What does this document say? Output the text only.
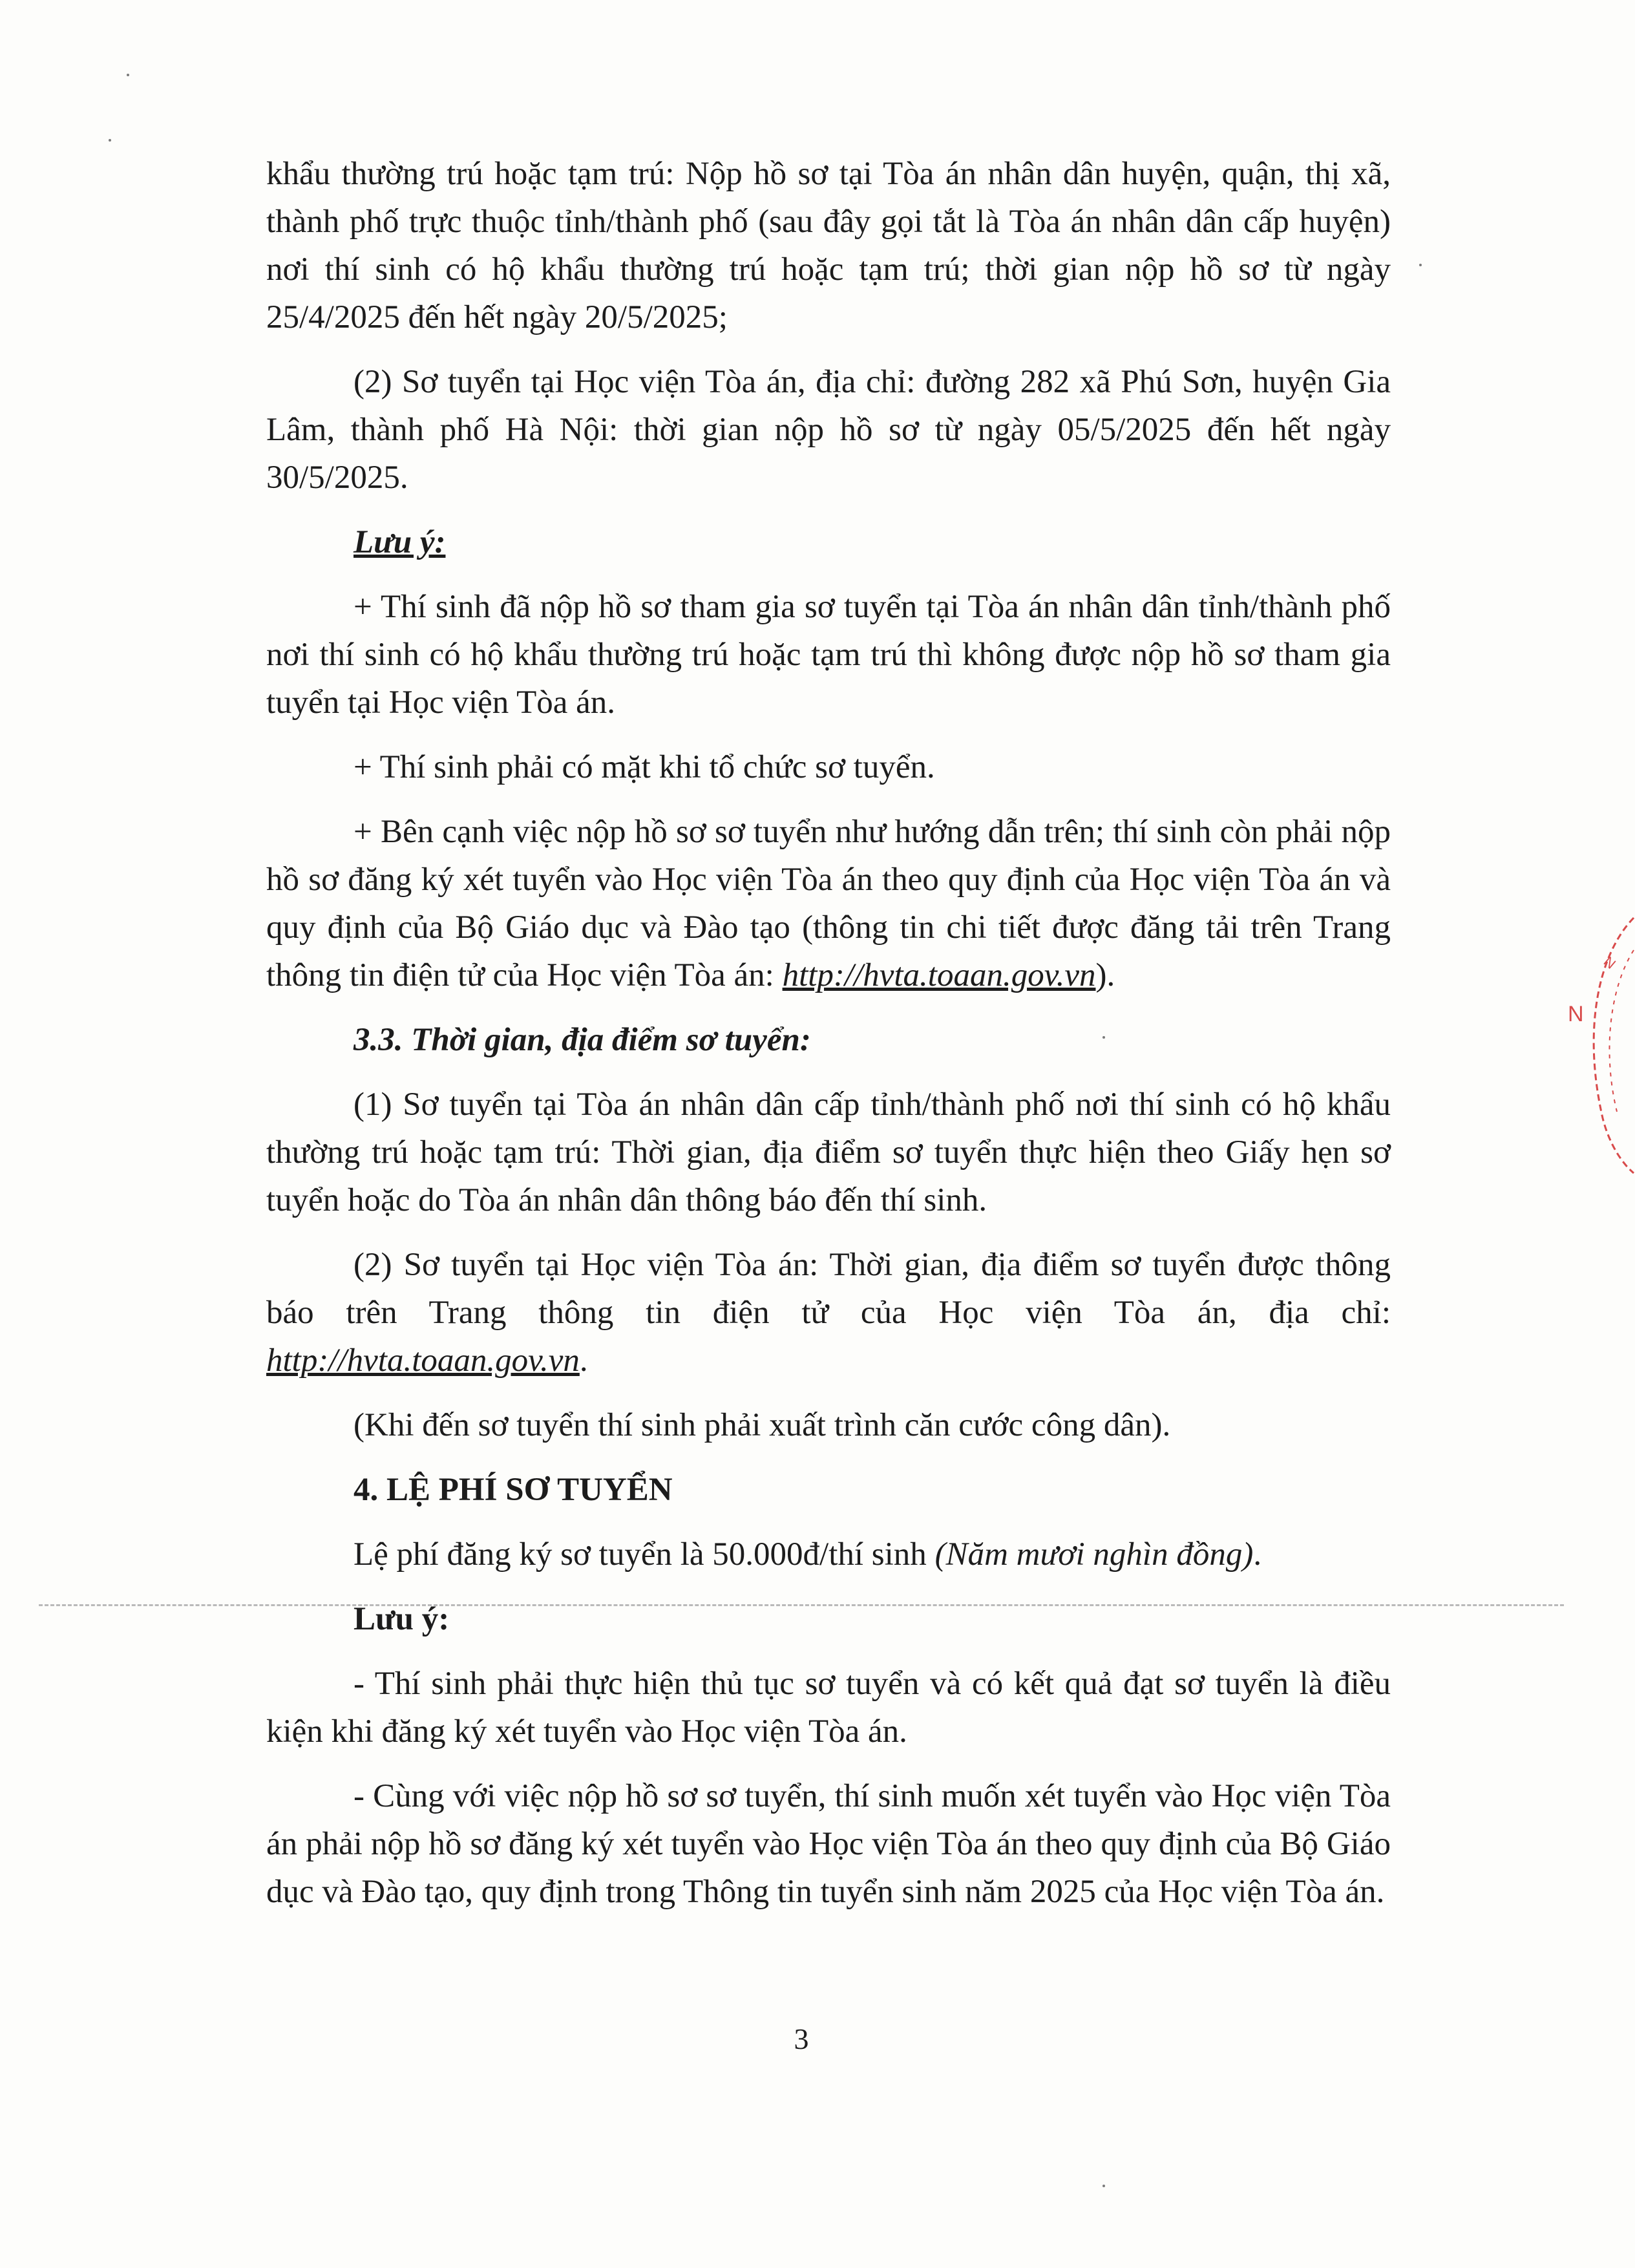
khẩu thường trú hoặc tạm trú: Nộp hồ sơ tại Tòa án nhân dân huyện, quận, thị xã, thành phố trực thuộc tỉnh/thành phố (sau đây gọi tắt là Tòa án nhân dân cấp huyện) nơi thí sinh có hộ khẩu thường trú hoặc tạm trú; thời gian nộp hồ sơ từ ngày 25/4/2025 đến hết ngày 20/5/2025;

(2) Sơ tuyển tại Học viện Tòa án, địa chỉ: đường 282 xã Phú Sơn, huyện Gia Lâm, thành phố Hà Nội: thời gian nộp hồ sơ từ ngày 05/5/2025 đến hết ngày 30/5/2025.

Lưu ý:

+ Thí sinh đã nộp hồ sơ tham gia sơ tuyển tại Tòa án nhân dân tỉnh/thành phố nơi thí sinh có hộ khẩu thường trú hoặc tạm trú thì không được nộp hồ sơ tham gia tuyển tại Học viện Tòa án.

+ Thí sinh phải có mặt khi tổ chức sơ tuyển.

+ Bên cạnh việc nộp hồ sơ sơ tuyển như hướng dẫn trên; thí sinh còn phải nộp hồ sơ đăng ký xét tuyển vào Học viện Tòa án theo quy định của Học viện Tòa án và quy định của Bộ Giáo dục và Đào tạo (thông tin chi tiết được đăng tải trên Trang thông tin điện tử của Học viện Tòa án: http://hvta.toaan.gov.vn).

3.3. Thời gian, địa điểm sơ tuyển:

(1) Sơ tuyển tại Tòa án nhân dân cấp tỉnh/thành phố nơi thí sinh có hộ khẩu thường trú hoặc tạm trú: Thời gian, địa điểm sơ tuyển thực hiện theo Giấy hẹn sơ tuyển hoặc do Tòa án nhân dân thông báo đến thí sinh.

(2) Sơ tuyển tại Học viện Tòa án: Thời gian, địa điểm sơ tuyển được thông báo trên Trang thông tin điện tử của Học viện Tòa án, địa chỉ: http://hvta.toaan.gov.vn.

(Khi đến sơ tuyển thí sinh phải xuất trình căn cước công dân).

4. LỆ PHÍ SƠ TUYỂN

Lệ phí đăng ký sơ tuyển là 50.000đ/thí sinh (Năm mươi nghìn đồng).

Lưu ý:

- Thí sinh phải thực hiện thủ tục sơ tuyển và có kết quả đạt sơ tuyển là điều kiện khi đăng ký xét tuyển vào Học viện Tòa án.

- Cùng với việc nộp hồ sơ sơ tuyển, thí sinh muốn xét tuyển vào Học viện Tòa án phải nộp hồ sơ đăng ký xét tuyển vào Học viện Tòa án theo quy định của Bộ Giáo dục và Đào tạo, quy định trong Thông tin tuyển sinh năm 2025 của Học viện Tòa án.

N
N
3
